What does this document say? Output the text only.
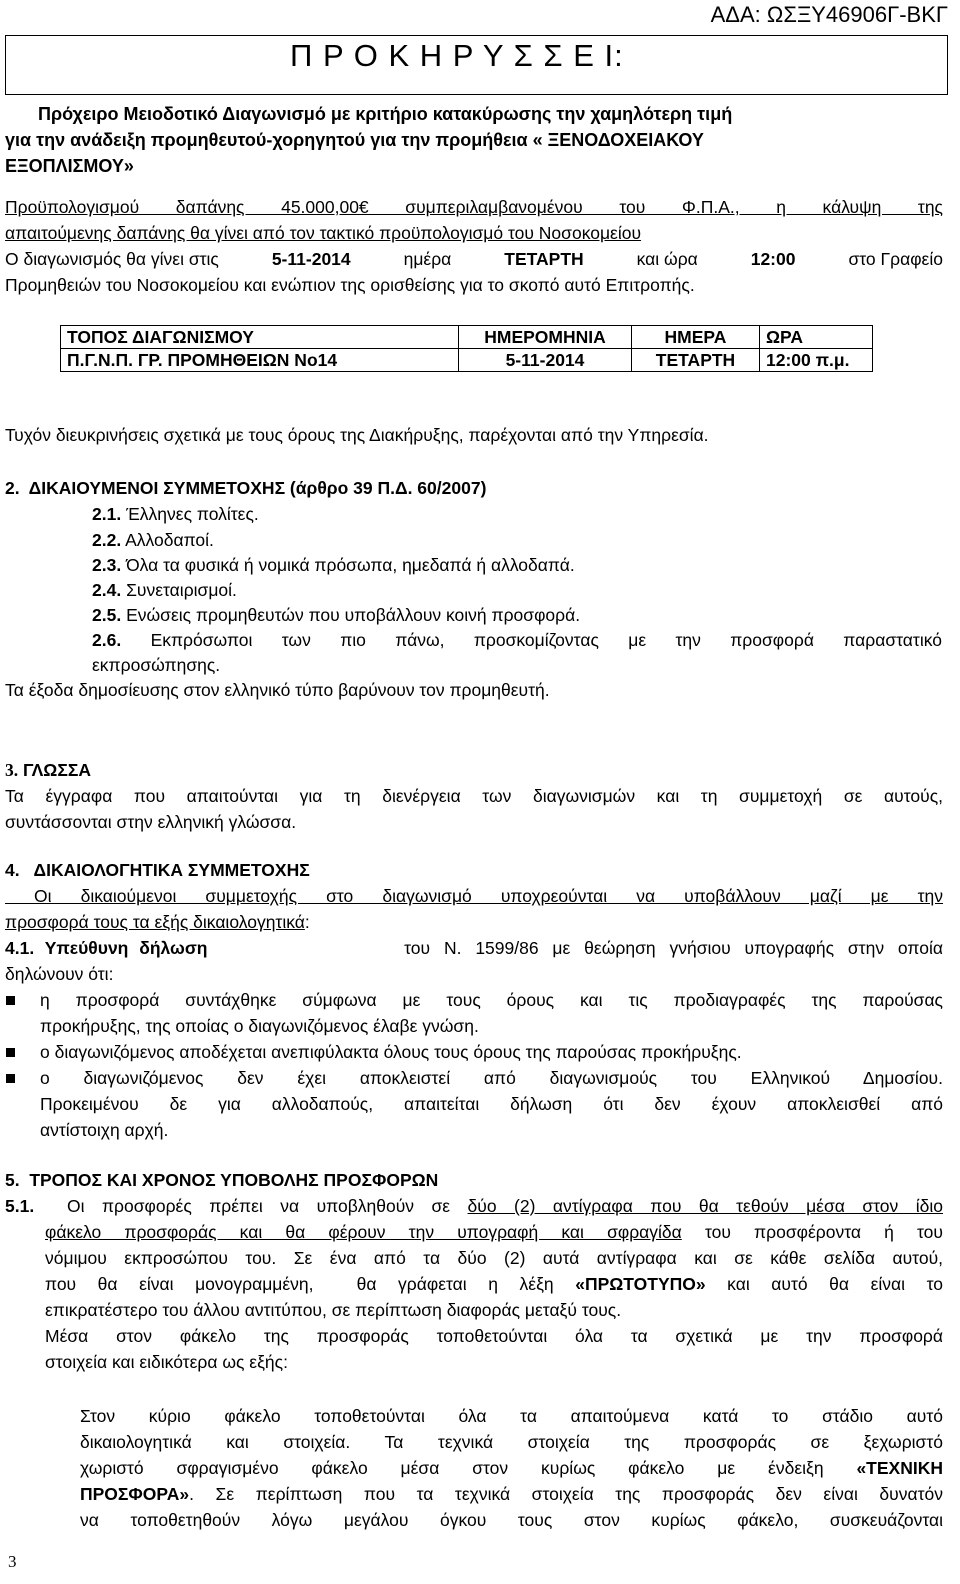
ΑΔΑ: ΩΣΞΥ46906Γ-ΒΚΓ
Π Ρ Ο Κ Η Ρ Υ Σ Σ Ε Ι:
Πρόχειρο Μειοδοτικό Διαγωνισμό με κριτήριο κατακύρωσης την χαμηλότερη τιμή
για την ανάδειξη προμηθευτού-χορηγητού για την προμήθεια « ΞΕΝΟΔΟΧΕΙΑΚΟΥ
ΕΞΟΠΛΙΣΜΟΥ»
Προϋπολογισμού δαπάνης 45.000,00€ συμπεριλαμβανομένου του Φ.Π.Α., η κάλυψη της
απαιτούμενης δαπάνης θα γίνει από τον τακτικό προϋπολογισμό του Νοσοκομείου
Ο διαγωνισμός θα γίνει στις	5-11-2014	ημέρα	ΤΕΤΑΡΤΗ	και ώρα	12:00	στο Γραφείο
Προμηθειών του Νοσοκομείου και ενώπιον της ορισθείσης για το σκοπό αυτό Επιτροπής.
ΤΟΠΟΣ ΔΙΑΓΩΝΙΣΜΟΥ	ΗΜΕΡΟΜΗΝΙΑ	ΗΜΕΡΑ	ΩΡΑ
Π.Γ.Ν.Π. ΓΡ. ΠΡΟΜΗΘΕΙΩΝ Νο14	5-11-2014	ΤΕΤΑΡΤΗ	12:00 π.μ.
Τυχόν διευκρινήσεις σχετικά με τους όρους της Διακήρυξης, παρέχονται από την Υπηρεσία.
2.  ΔΙΚΑΙΟΥΜΕΝΟΙ ΣΥΜΜΕΤΟΧΗΣ (άρθρο 39 Π.Δ. 60/2007)
2.1. Έλληνες πολίτες.
2.2. Αλλοδαποί.
2.3. Όλα τα φυσικά ή νομικά πρόσωπα, ημεδαπά ή αλλοδαπά.
2.4. Συνεταιρισμοί.
2.5. Ενώσεις προμηθευτών που υποβάλλουν κοινή προσφορά.
2.6. Εκπρόσωποι των πιο πάνω, προσκομίζοντας με την προσφορά παραστατικό
εκπροσώπησης.
Τα έξοδα δημοσίευσης στον ελληνικό τύπο βαρύνουν τον προμηθευτή.
3. ΓΛΩΣΣΑ
Τα έγγραφα που απαιτούνται για τη διενέργεια των διαγωνισμών και τη συμμετοχή σε αυτούς,
συντάσσονται στην ελληνική γλώσσα.
4.   ΔΙΚΑΙΟΛΟΓΗΤΙΚΑ ΣΥΜΜΕΤΟΧΗΣ
Οι δικαιούμενοι συμμετοχής στο διαγωνισμό υποχρεούνται να υποβάλλουν μαζί με την
προσφορά τους τα εξής δικαιολογητικά:
4.1. Υπεύθυνη δήλωση	του Ν. 1599/86 με θεώρηση γνήσιου υπογραφής στην οποία
δηλώνουν ότι:
η προσφορά συντάχθηκε σύμφωνα με τους όρους και τις προδιαγραφές της παρούσας
προκήρυξης, της οποίας ο διαγωνιζόμενος έλαβε γνώση.
ο διαγωνιζόμενος αποδέχεται ανεπιφύλακτα όλους τους όρους της παρούσας προκήρυξης.
ο διαγωνιζόμενος δεν έχει αποκλειστεί από διαγωνισμούς του Ελληνικού Δημοσίου.
Προκειμένου δε για αλλοδαπούς, απαιτείται δήλωση ότι δεν έχουν αποκλεισθεί από
αντίστοιχη αρχή.
5.  ΤΡΟΠΟΣ ΚΑΙ ΧΡΟΝΟΣ ΥΠΟΒΟΛΗΣ ΠΡΟΣΦΟΡΩΝ
5.1. Οι προσφορές πρέπει να υποβληθούν σε δύο (2) αντίγραφα που θα τεθούν μέσα στον ίδιο
φάκελο προσφοράς και θα φέρουν την υπογραφή και σφραγίδα του προσφέροντα ή του
νόμιμου εκπροσώπου του. Σε ένα από τα δύο (2) αυτά αντίγραφα και σε κάθε σελίδα αυτού,
που θα είναι μονογραμμένη,  θα γράφεται η λέξη «ΠΡΩΤΟΤΥΠΟ» και αυτό θα είναι το
επικρατέστερο του άλλου αντιτύπου, σε περίπτωση διαφοράς μεταξύ τους.
Μέσα στον φάκελο της προσφοράς τοποθετούνται όλα τα σχετικά με την προσφορά
στοιχεία και ειδικότερα ως εξής:
Στον κύριο φάκελο τοποθετούνται όλα τα απαιτούμενα κατά το στάδιο αυτό
δικαιολογητικά και στοιχεία. Τα τεχνικά στοιχεία της προσφοράς σε ξεχωριστό
χωριστό σφραγισμένο φάκελο μέσα στον κυρίως φάκελο με ένδειξη «ΤΕΧΝΙΚΗ
ΠΡΟΣΦΟΡΑ». Σε περίπτωση που τα τεχνικά στοιχεία της προσφοράς δεν είναι δυνατόν
να τοποθετηθούν λόγω μεγάλου όγκου τους στον κυρίως φάκελο, συσκευάζονται
3
